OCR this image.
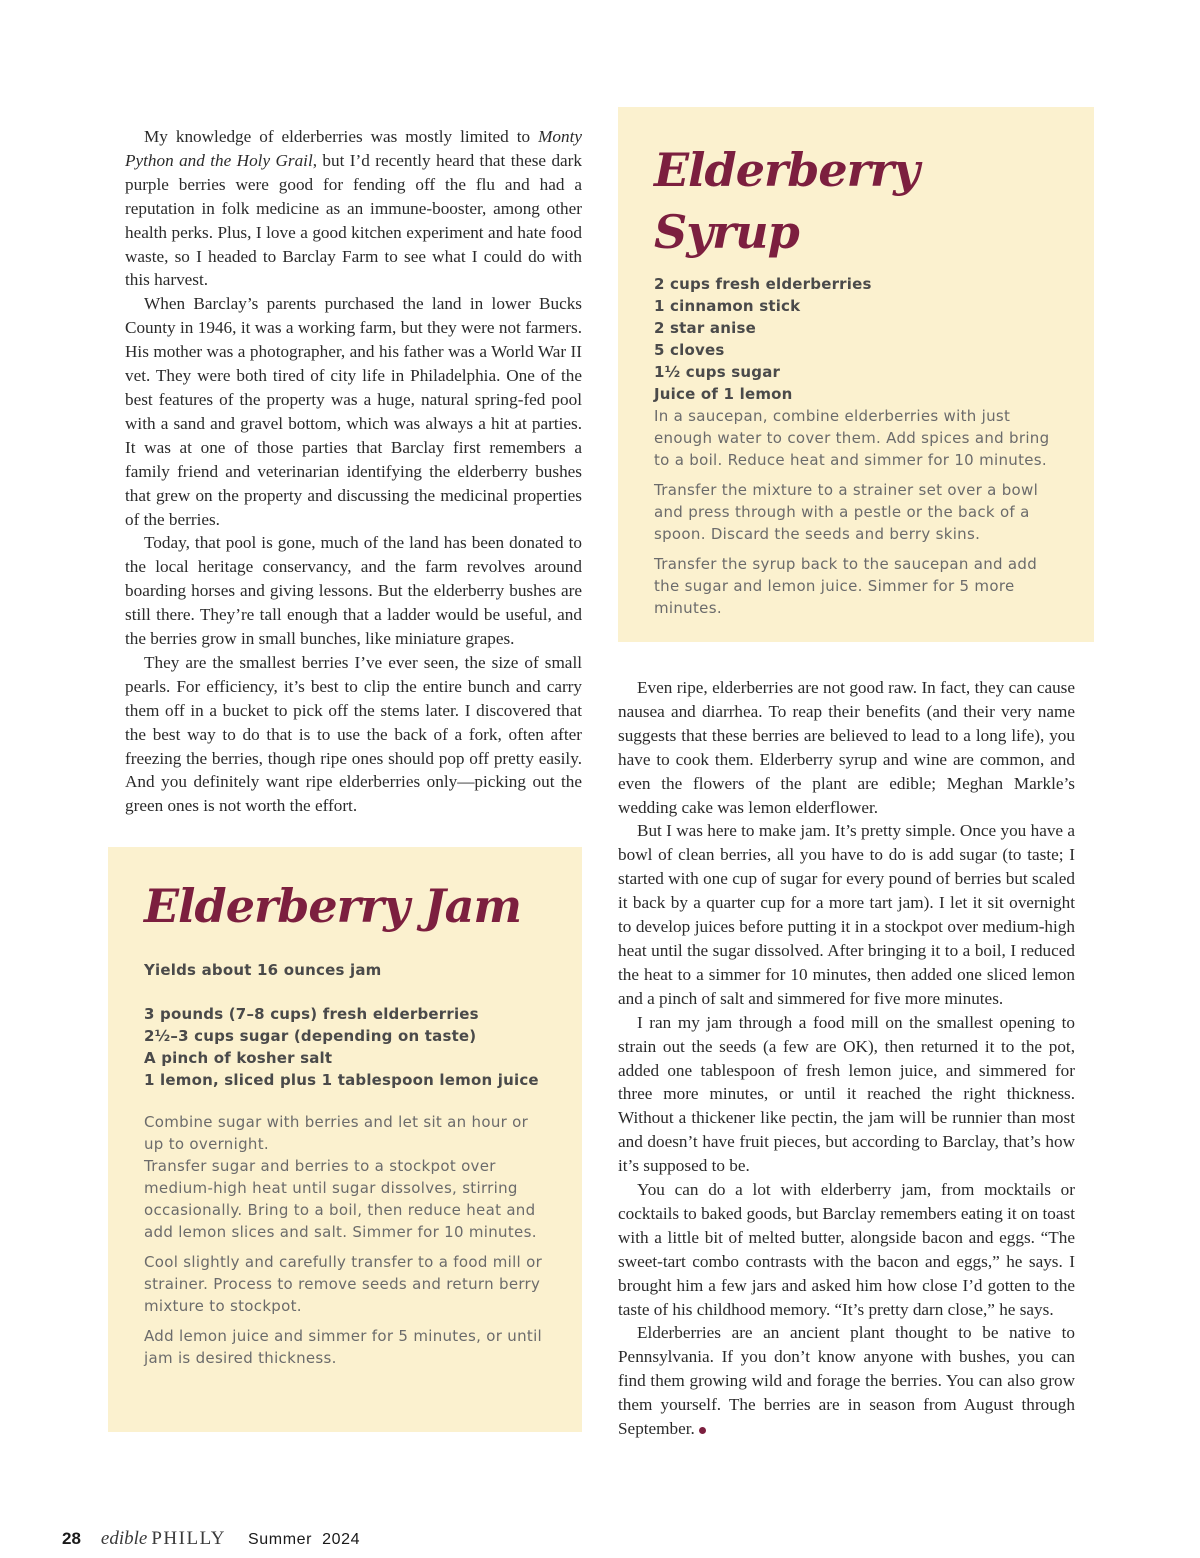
My knowledge of elderberries was mostly limited to Monty Python and the Holy Grail, but I’d recently heard that these dark purple berries were good for fending off the flu and had a reputation in folk medicine as an immune-booster, among other health perks. Plus, I love a good kitchen experiment and hate food waste, so I headed to Barclay Farm to see what I could do with this harvest.

When Barclay’s parents purchased the land in lower Bucks County in 1946, it was a working farm, but they were not farmers. His mother was a photographer, and his father was a World War II vet. They were both tired of city life in Philadelphia. One of the best features of the property was a huge, natural spring-fed pool with a sand and gravel bottom, which was always a hit at parties. It was at one of those parties that Barclay first remembers a family friend and veterinarian identifying the elderberry bushes that grew on the property and discussing the medicinal properties of the berries.

Today, that pool is gone, much of the land has been donated to the local heritage conservancy, and the farm revolves around boarding horses and giving lessons. But the elderberry bushes are still there. They’re tall enough that a ladder would be useful, and the berries grow in small bunches, like miniature grapes.

They are the smallest berries I’ve ever seen, the size of small pearls. For efficiency, it’s best to clip the entire bunch and carry them off in a bucket to pick off the stems later. I discovered that the best way to do that is to use the back of a fork, often after freezing the berries, though ripe ones should pop off pretty easily. And you definitely want ripe elderberries only—picking out the green ones is not worth the effort.

Elderberry Syrup
2 cups fresh elderberries
1 cinnamon stick
2 star anise
5 cloves
1½ cups sugar
Juice of 1 lemon

In a saucepan, combine elderberries with just enough water to cover them. Add spices and bring to a boil. Reduce heat and simmer for 10 minutes.

Transfer the mixture to a strainer set over a bowl and press through with a pestle or the back of a spoon. Discard the seeds and berry skins.

Transfer the syrup back to the saucepan and add the sugar and lemon juice. Simmer for 5 more minutes.

Even ripe, elderberries are not good raw. In fact, they can cause nausea and diarrhea. To reap their benefits (and their very name suggests that these berries are believed to lead to a long life), you have to cook them. Elderberry syrup and wine are common, and even the flowers of the plant are edible; Meghan Markle’s wedding cake was lemon elderflower.

But I was here to make jam. It’s pretty simple. Once you have a bowl of clean berries, all you have to do is add sugar (to taste; I started with one cup of sugar for every pound of berries but scaled it back by a quarter cup for a more tart jam). I let it sit overnight to develop juices before putting it in a stockpot over medium-high heat until the sugar dissolved. After bringing it to a boil, I reduced the heat to a simmer for 10 minutes, then added one sliced lemon and a pinch of salt and simmered for five more minutes.

I ran my jam through a food mill on the smallest opening to strain out the seeds (a few are OK), then returned it to the pot, added one tablespoon of fresh lemon juice, and simmered for three more minutes, or until it reached the right thickness. Without a thickener like pectin, the jam will be runnier than most and doesn’t have fruit pieces, but according to Barclay, that’s how it’s supposed to be.

You can do a lot with elderberry jam, from mocktails or cocktails to baked goods, but Barclay remembers eating it on toast with a little bit of melted butter, alongside bacon and eggs. “The sweet-tart combo contrasts with the bacon and eggs,” he says. I brought him a few jars and asked him how close I’d gotten to the taste of his childhood memory. “It’s pretty darn close,” he says.

Elderberries are an ancient plant thought to be native to Pennsylvania. If you don’t know anyone with bushes, you can find them growing wild and forage the berries. You can also grow them yourself. The berries are in season from August through September.

Elderberry Jam

Yields about 16 ounces jam

3 pounds (7–8 cups) fresh elderberries
2½–3 cups sugar (depending on taste)
A pinch of kosher salt
1 lemon, sliced plus 1 tablespoon lemon juice

Combine sugar with berries and let sit an hour or up to overnight.

Transfer sugar and berries to a stockpot over medium-high heat until sugar dissolves, stirring occasionally. Bring to a boil, then reduce heat and add lemon slices and salt. Simmer for 10 minutes.

Cool slightly and carefully transfer to a food mill or strainer. Process to remove seeds and return berry mixture to stockpot.

Add lemon juice and simmer for 5 minutes, or until jam is desired thickness.

28 edible PHILLY Summer  2024
